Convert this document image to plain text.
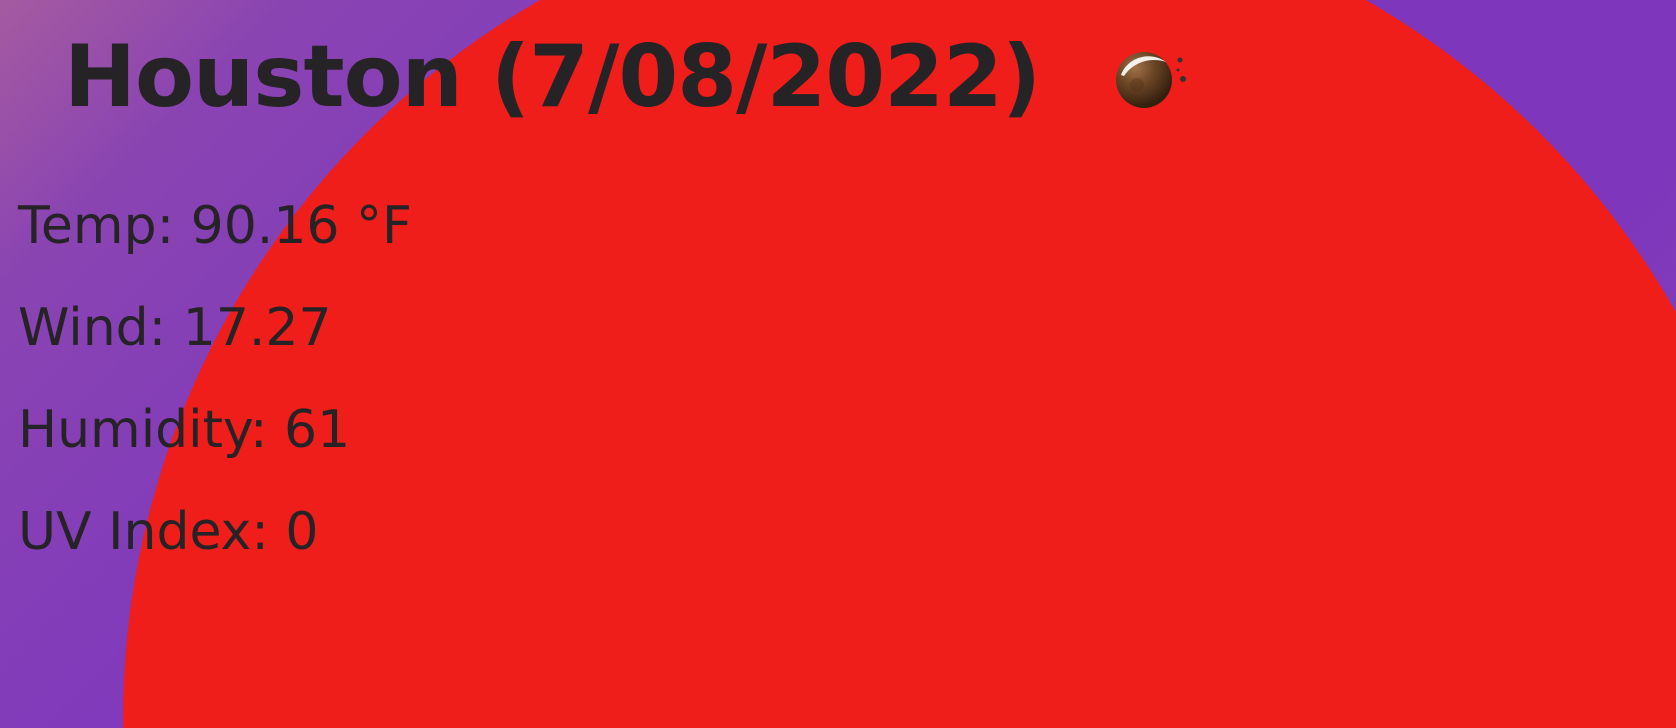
Houston (7/08/2022)

Temp: 90.16 °F

Wind: 17.27

Humidity: 61

UV Index: 0
